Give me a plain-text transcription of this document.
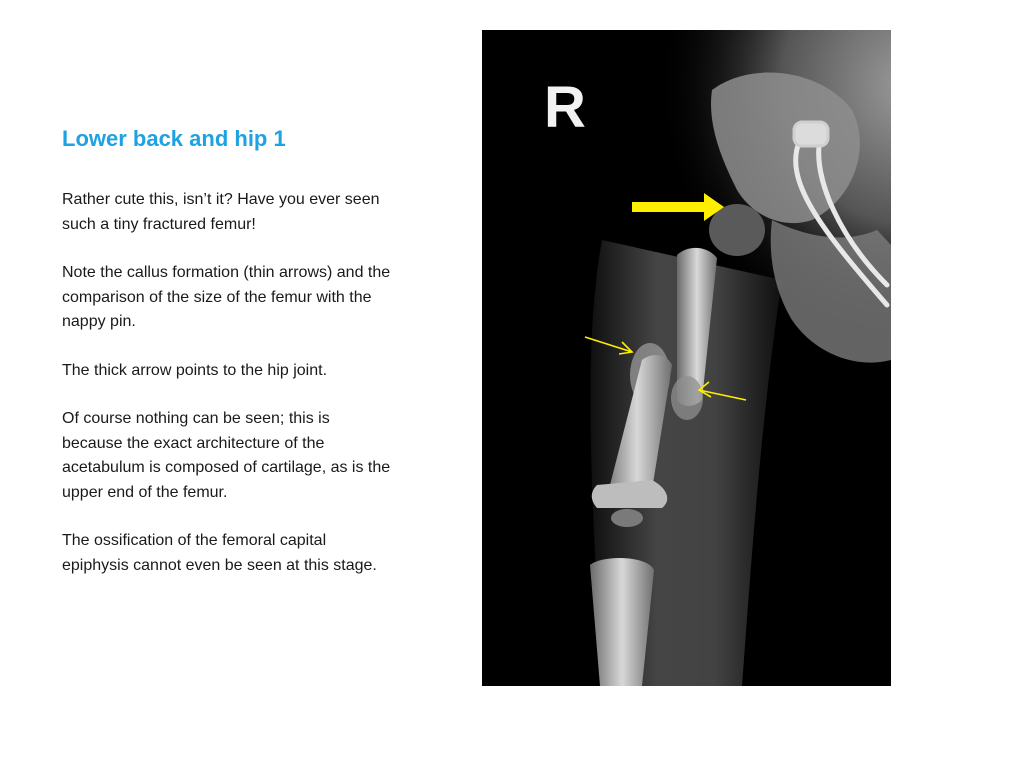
Lower back and hip 1

Rather cute this, isn’t it? Have you ever seen such a tiny fractured femur!

Note the callus formation (thin arrows) and the comparison of the size of the femur with the nappy pin.

The thick arrow points to the hip joint.

Of course nothing can be seen; this is because the exact architecture of the acetabulum is composed of cartilage, as is the upper end of the femur.

The ossification of the femoral capital epiphysis cannot even be seen at this stage.

R
